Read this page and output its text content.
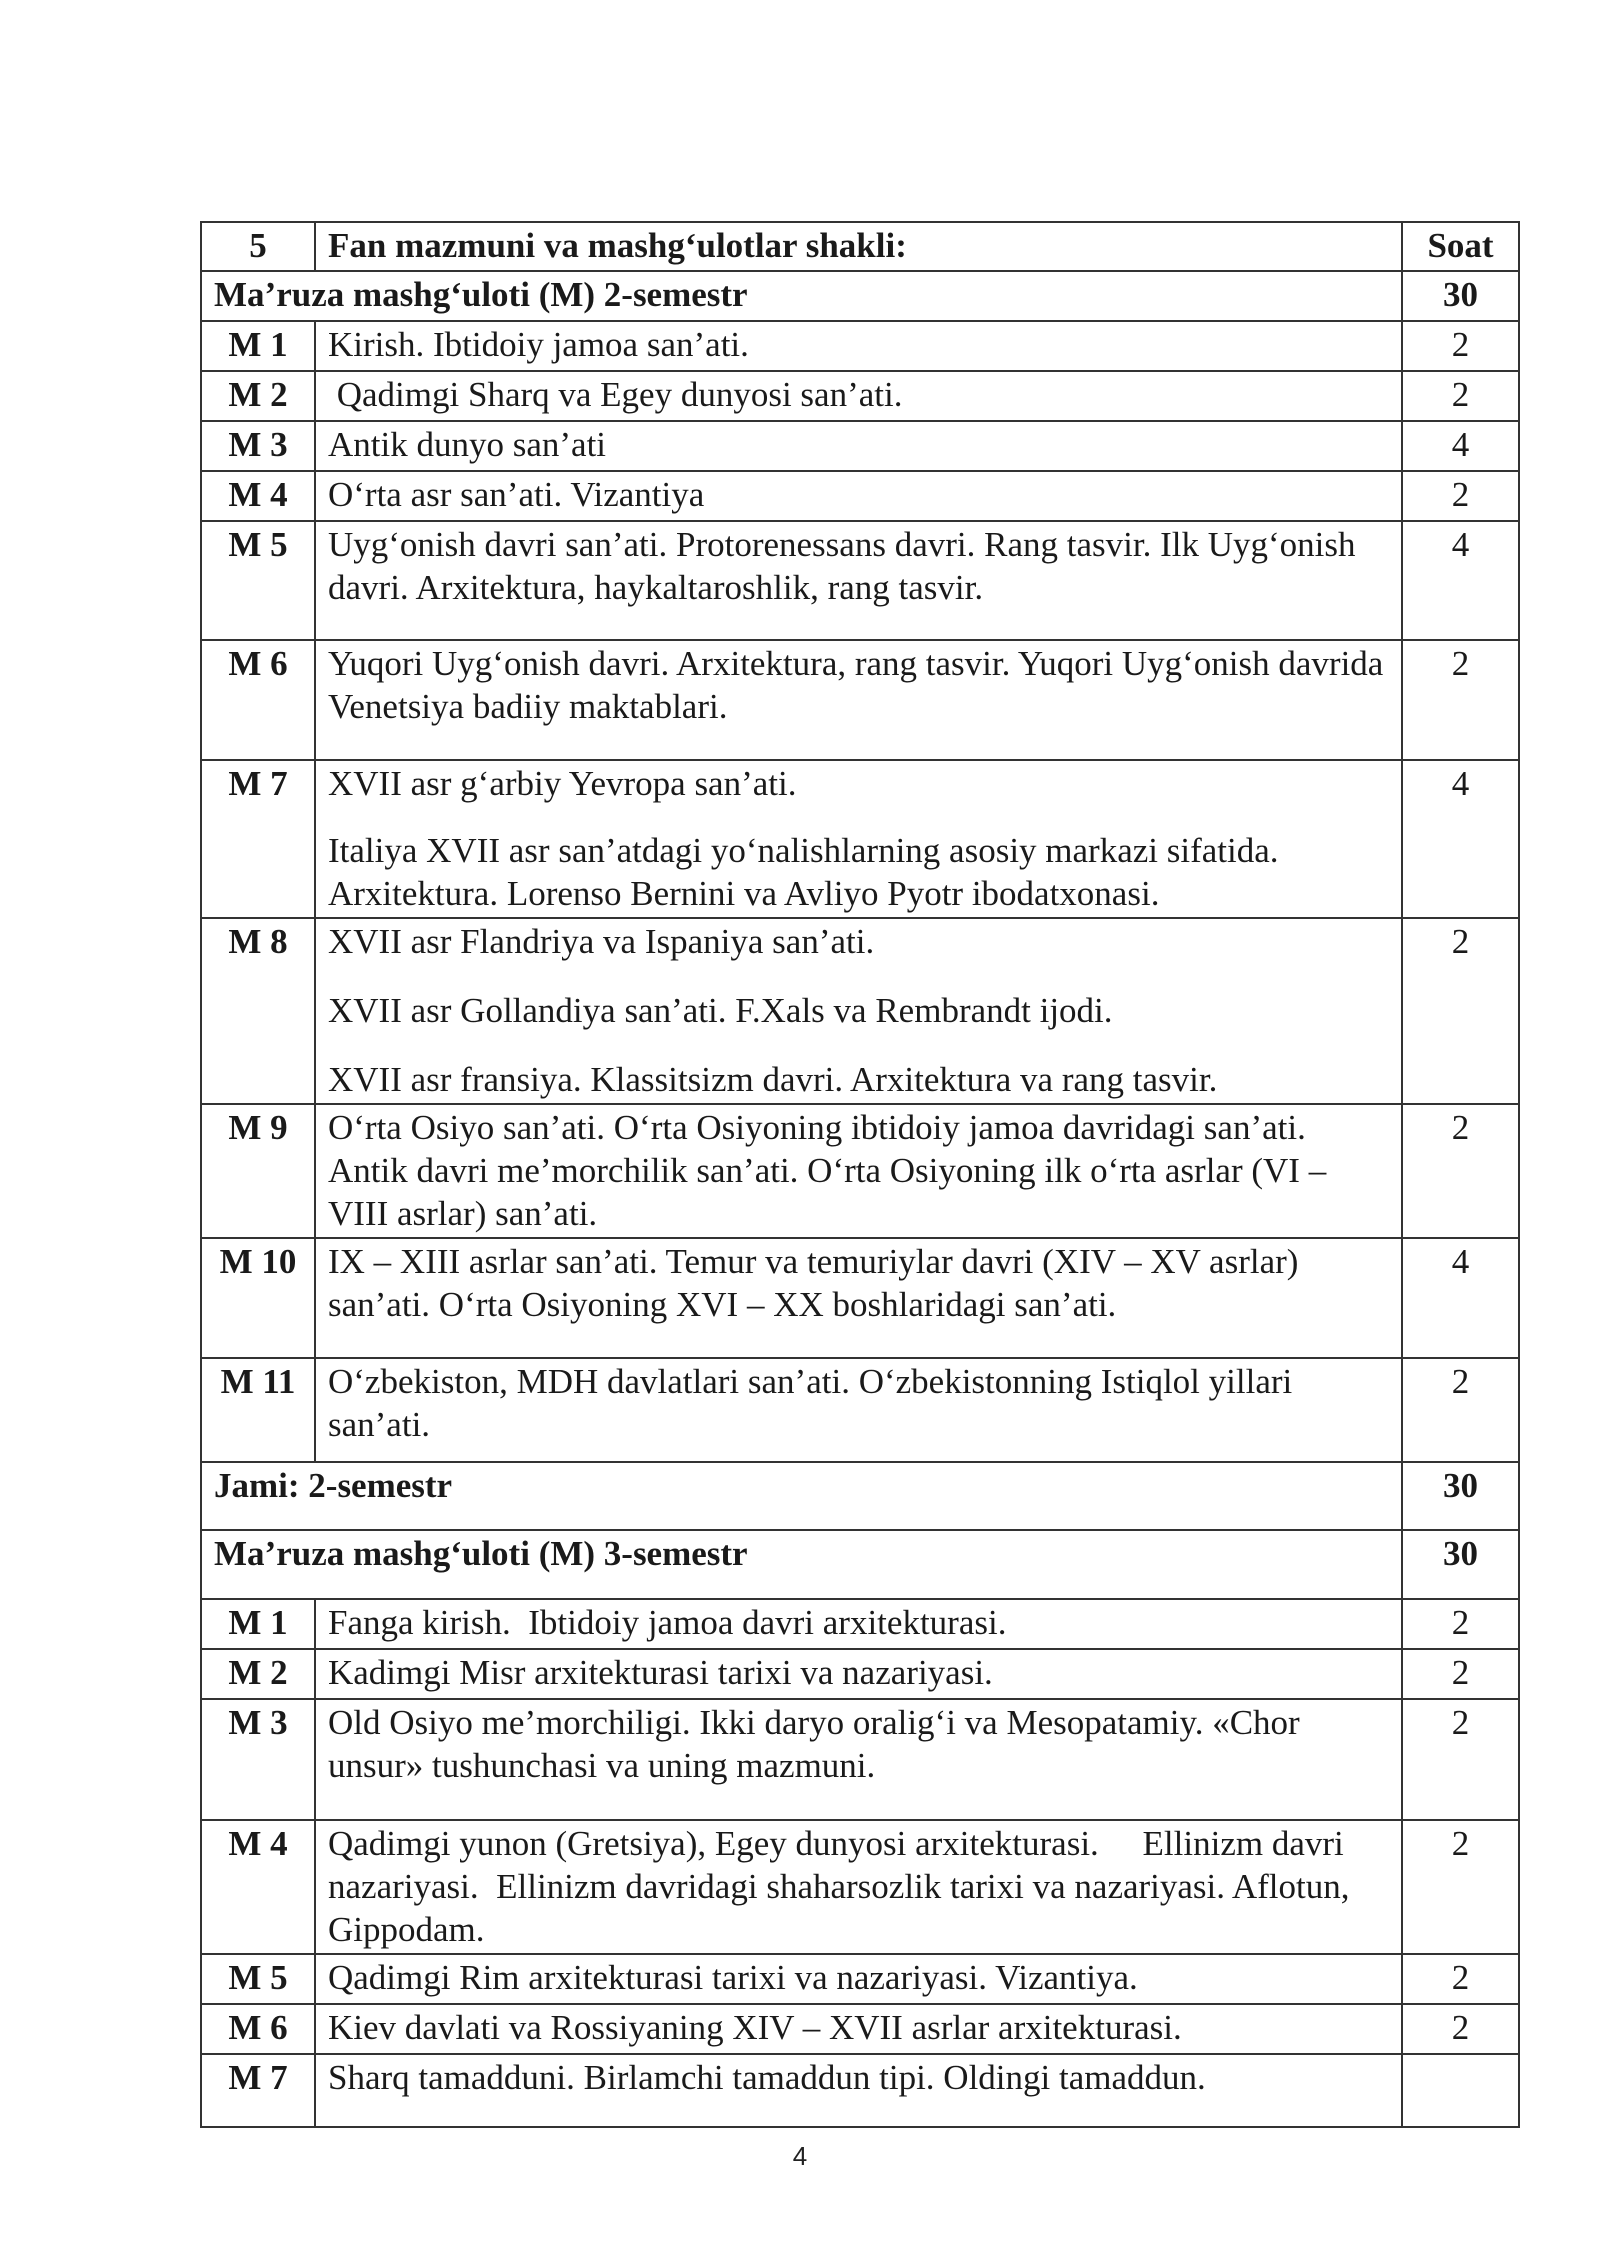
5	Fan mazmuni va mashg‘ulotlar shakli:	Soat
Ma’ruza mashg‘uloti (M) 2-semestr		30
M 1	Kirish. Ibtidoiy jamoa san’ati.	2
M 2	Qadimgi Sharq va Egey dunyosi san’ati.	2
M 3	Antik dunyo san’ati	4
M 4	O‘rta asr san’ati. Vizantiya	2
M 5	Uyg‘onish davri san’ati. Protorenessans davri. Rang tasvir. Ilk Uyg‘onish davri. Arxitektura, haykaltaroshlik, rang tasvir.	4
M 6	Yuqori Uyg‘onish davri. Arxitektura, rang tasvir. Yuqori Uyg‘onish davrida Venetsiya badiiy maktablari.	2
M 7	XVII asr g‘arbiy Yevropa san’ati.

Italiya XVII asr san’atdagi yo‘nalishlarning asosiy markazi sifatida. Arxitektura. Lorenso Bernini va Avliyo Pyotr ibodatxonasi.	4
M 8	XVII asr Flandriya va Ispaniya san’ati.

XVII asr Gollandiya san’ati. F.Xals va Rembrandt ijodi.

XVII asr fransiya. Klassitsizm davri. Arxitektura va rang tasvir.	2
M 9	O‘rta Osiyo san’ati. O‘rta Osiyoning ibtidoiy jamoa davridagi san’ati. Antik davri me’morchilik san’ati. O‘rta Osiyoning ilk o‘rta asrlar (VI – VIII asrlar) san’ati.	2
M 10	IX – XIII asrlar san’ati. Temur va temuriylar davri (XIV – XV asrlar) san’ati. O‘rta Osiyoning XVI – XX boshlaridagi san’ati.	4
M 11	O‘zbekiston, MDH davlatlari san’ati. O‘zbekistonning Istiqlol yillari san’ati.	2
Jami: 2-semestr		30
Ma’ruza mashg‘uloti (M) 3-semestr		30
M 1	Fanga kirish.  Ibtidoiy jamoa davri arxitekturasi.	2
M 2	Kadimgi Misr arxitekturasi tarixi va nazariyasi.	2
M 3	Old Osiyo me’morchiligi. Ikki daryo oralig‘i va Mesopatamiy. «Chor unsur» tushunchasi va uning mazmuni.	2
M 4	Qadimgi yunon (Gretsiya), Egey dunyosi arxitekturasi.     Ellinizm davri nazariyasi.  Ellinizm davridagi shaharsozlik tarixi va nazariyasi. Aflotun, Gippodam.	2
M 5	Qadimgi Rim arxitekturasi tarixi va nazariyasi. Vizantiya.	2
M 6	Kiev davlati va Rossiyaning XIV – XVII asrlar arxitekturasi.	2
M 7	Sharq tamadduni. Birlamchi tamaddun tipi. Oldingi tamaddun.	

4
